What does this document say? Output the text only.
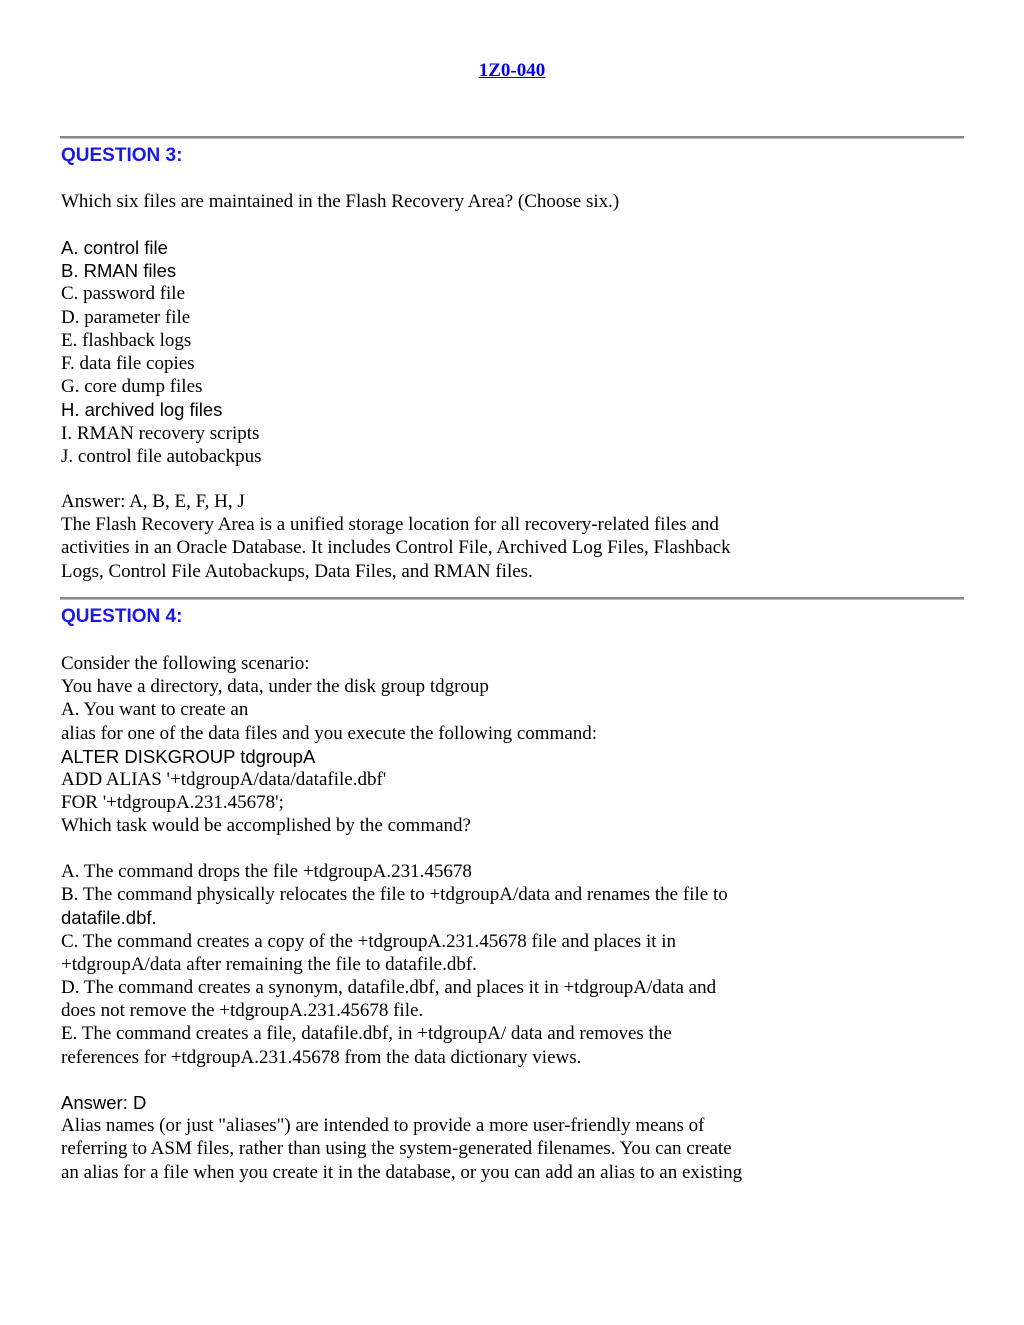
1Z0-040
QUESTION 3:
Which six files are maintained in the Flash Recovery Area? (Choose six.)
A. control file
B. RMAN files
C. password file
D. parameter file
E. flashback logs
F. data file copies
G. core dump files
H. archived log files
I. RMAN recovery scripts
J. control file autobackpus
Answer: A, B, E, F, H, J
The Flash Recovery Area is a unified storage location for all recovery-related files and
activities in an Oracle Database. It includes Control File, Archived Log Files, Flashback
Logs, Control File Autobackups, Data Files, and RMAN files.
QUESTION 4:
Consider the following scenario:
You have a directory, data, under the disk group tdgroup
A. You want to create an
alias for one of the data files and you execute the following command:
ALTER DISKGROUP tdgroupA
ADD ALIAS '+tdgroupA/data/datafile.dbf'
FOR '+tdgroupA.231.45678';
Which task would be accomplished by the command?
A. The command drops the file +tdgroupA.231.45678
B. The command physically relocates the file to +tdgroupA/data and renames the file to
datafile.dbf.
C. The command creates a copy of the +tdgroupA.231.45678 file and places it in
+tdgroupA/data after remaining the file to datafile.dbf.
D. The command creates a synonym, datafile.dbf, and places it in +tdgroupA/data and
does not remove the +tdgroupA.231.45678 file.
E. The command creates a file, datafile.dbf, in +tdgroupA/ data and removes the
references for +tdgroupA.231.45678 from the data dictionary views.
Answer: D
Alias names (or just "aliases") are intended to provide a more user-friendly means of
referring to ASM files, rather than using the system-generated filenames. You can create
an alias for a file when you create it in the database, or you can add an alias to an existing
